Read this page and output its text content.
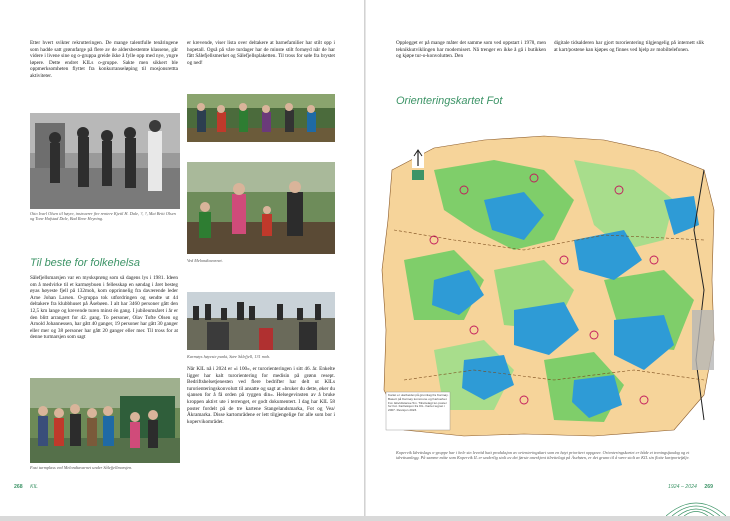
Etter hvert svikter rekrutteringen. De mange talentfulle tenåringene som hadde satt grønnfarge på flere av de aldersbestemte klassene, går videre i livene sine og o-gruppa greide ikke å fylle opp med nye, yngre løpere. Dette endret KILs o-gruppe. Sakte men sikkert ble oppmerksomheten flyttet fra konkurranseløping til mosjonsrettta aktiviteter.

Otto Ivarl Olsen til høyre, instruerer fire rentere Kjetil H. Dale, ?, ?, Mai Britt Olsen og Tone Hafstad Dale, Bad Rene Heyning.

Til beste for folkehelsa

Sålefjellsmarsjen var en mysksprøng som så dagens lys i 1981. Ideen om å medvirke til et karmøybuen i fellesskap en søndag i året besteg øyas høyeste fjell på 132moh, kom opprinnelig fra daværende leder Arne Johan Larsen. O-gruppa tok utfordringen og sendte ut 44 deltakere fra klubbhuset på Åsebøen. I alt har 3460 personer gått den 12,5 km lange og krevende turen minst én gang. I jubileumsåret i år er den blitt arrangert for 42. gang. To personer, Olav Tofte Olsen og Arnold Johannessen, har gått 40 ganger, 19 personer har gått 30 ganger eller mer og 38 personer har gått 20 ganger eller mer. Til tross for at denne turmarsjen som sagt

Fast turmplass ved Melondtavarnet under Sålefjellmarsjen.

er krevende, viser lista over deltakere at barnefamilier har stilt opp i hopetall. Også på våre turdager har de minste stilt fornøyd når de har fått Sålefjellsmerket og Sålefjellsplaketten. Til tross for søle fra brystet og ned!

Ved Melondtavarnet.

Karmøys høyeste punkt, Søre Sålefjell, 131 moh.

Når KIL nå i 2024 er «i 100», er turorienteringen i sitt 46. år. Enkelte ligger har kalt turorientering for medisin på grønn resept. Bedriftshelsetjenesten ved flere bedrifter har delt ut KILs turorienteringskonvolutt til ansatte og sagt at «bruker du dette, øker du sjansen for å få orden på ryggen din». Helsegevinsten av å bruke kroppen aktivt ute i terrenget, er godt dokumentert. I dag har KIL 58 poster fordelt på de tre kartene Stangelandsmarka, Fot og Vea/Åkramarka. Disse kartområdene er lett tilgjengelige for alle som bor i kopervikområdet.

268 KIL

Opplegget er på mange måter det samme som ved oppstart i 1978, men teknikkutviklingen har modernisert. Nå trenger en ikke å gå i butikken og kjøpe tur-o-konvolutten. Den

digitale tidsalderen har gjort turorientering tilgjengelig på internett slik at kart/postene kan kjøpes og finnes ved hjelp av mobiltelefonen.

Orienteringskartet Fot

Kartet er utarbeidet på grunnlag fra Karmøy. Basert på Karmøy kommune og Kartverket Fot. Ekvidistanse 5m. Tilrettelagt tur-poster for Fot. Fartleksjon fra KIL. Kartet tegnet i 2007. Revisjon 2023.

Kopervik Idrettslags o-gruppe har i hele sin levetid hatt produksjon av orienteringskart som en høyt prioritert oppgave. Orienteringskartet er både et treningsfundag og et idrettsanlegg. På samme måte som Kopervik IL er underlig stolt av det første anerkjent tilrettelagt på Åsebøen, er det grunn til å være stolt av KIL sin flotte kartportefølje.

1924 – 2024 269
